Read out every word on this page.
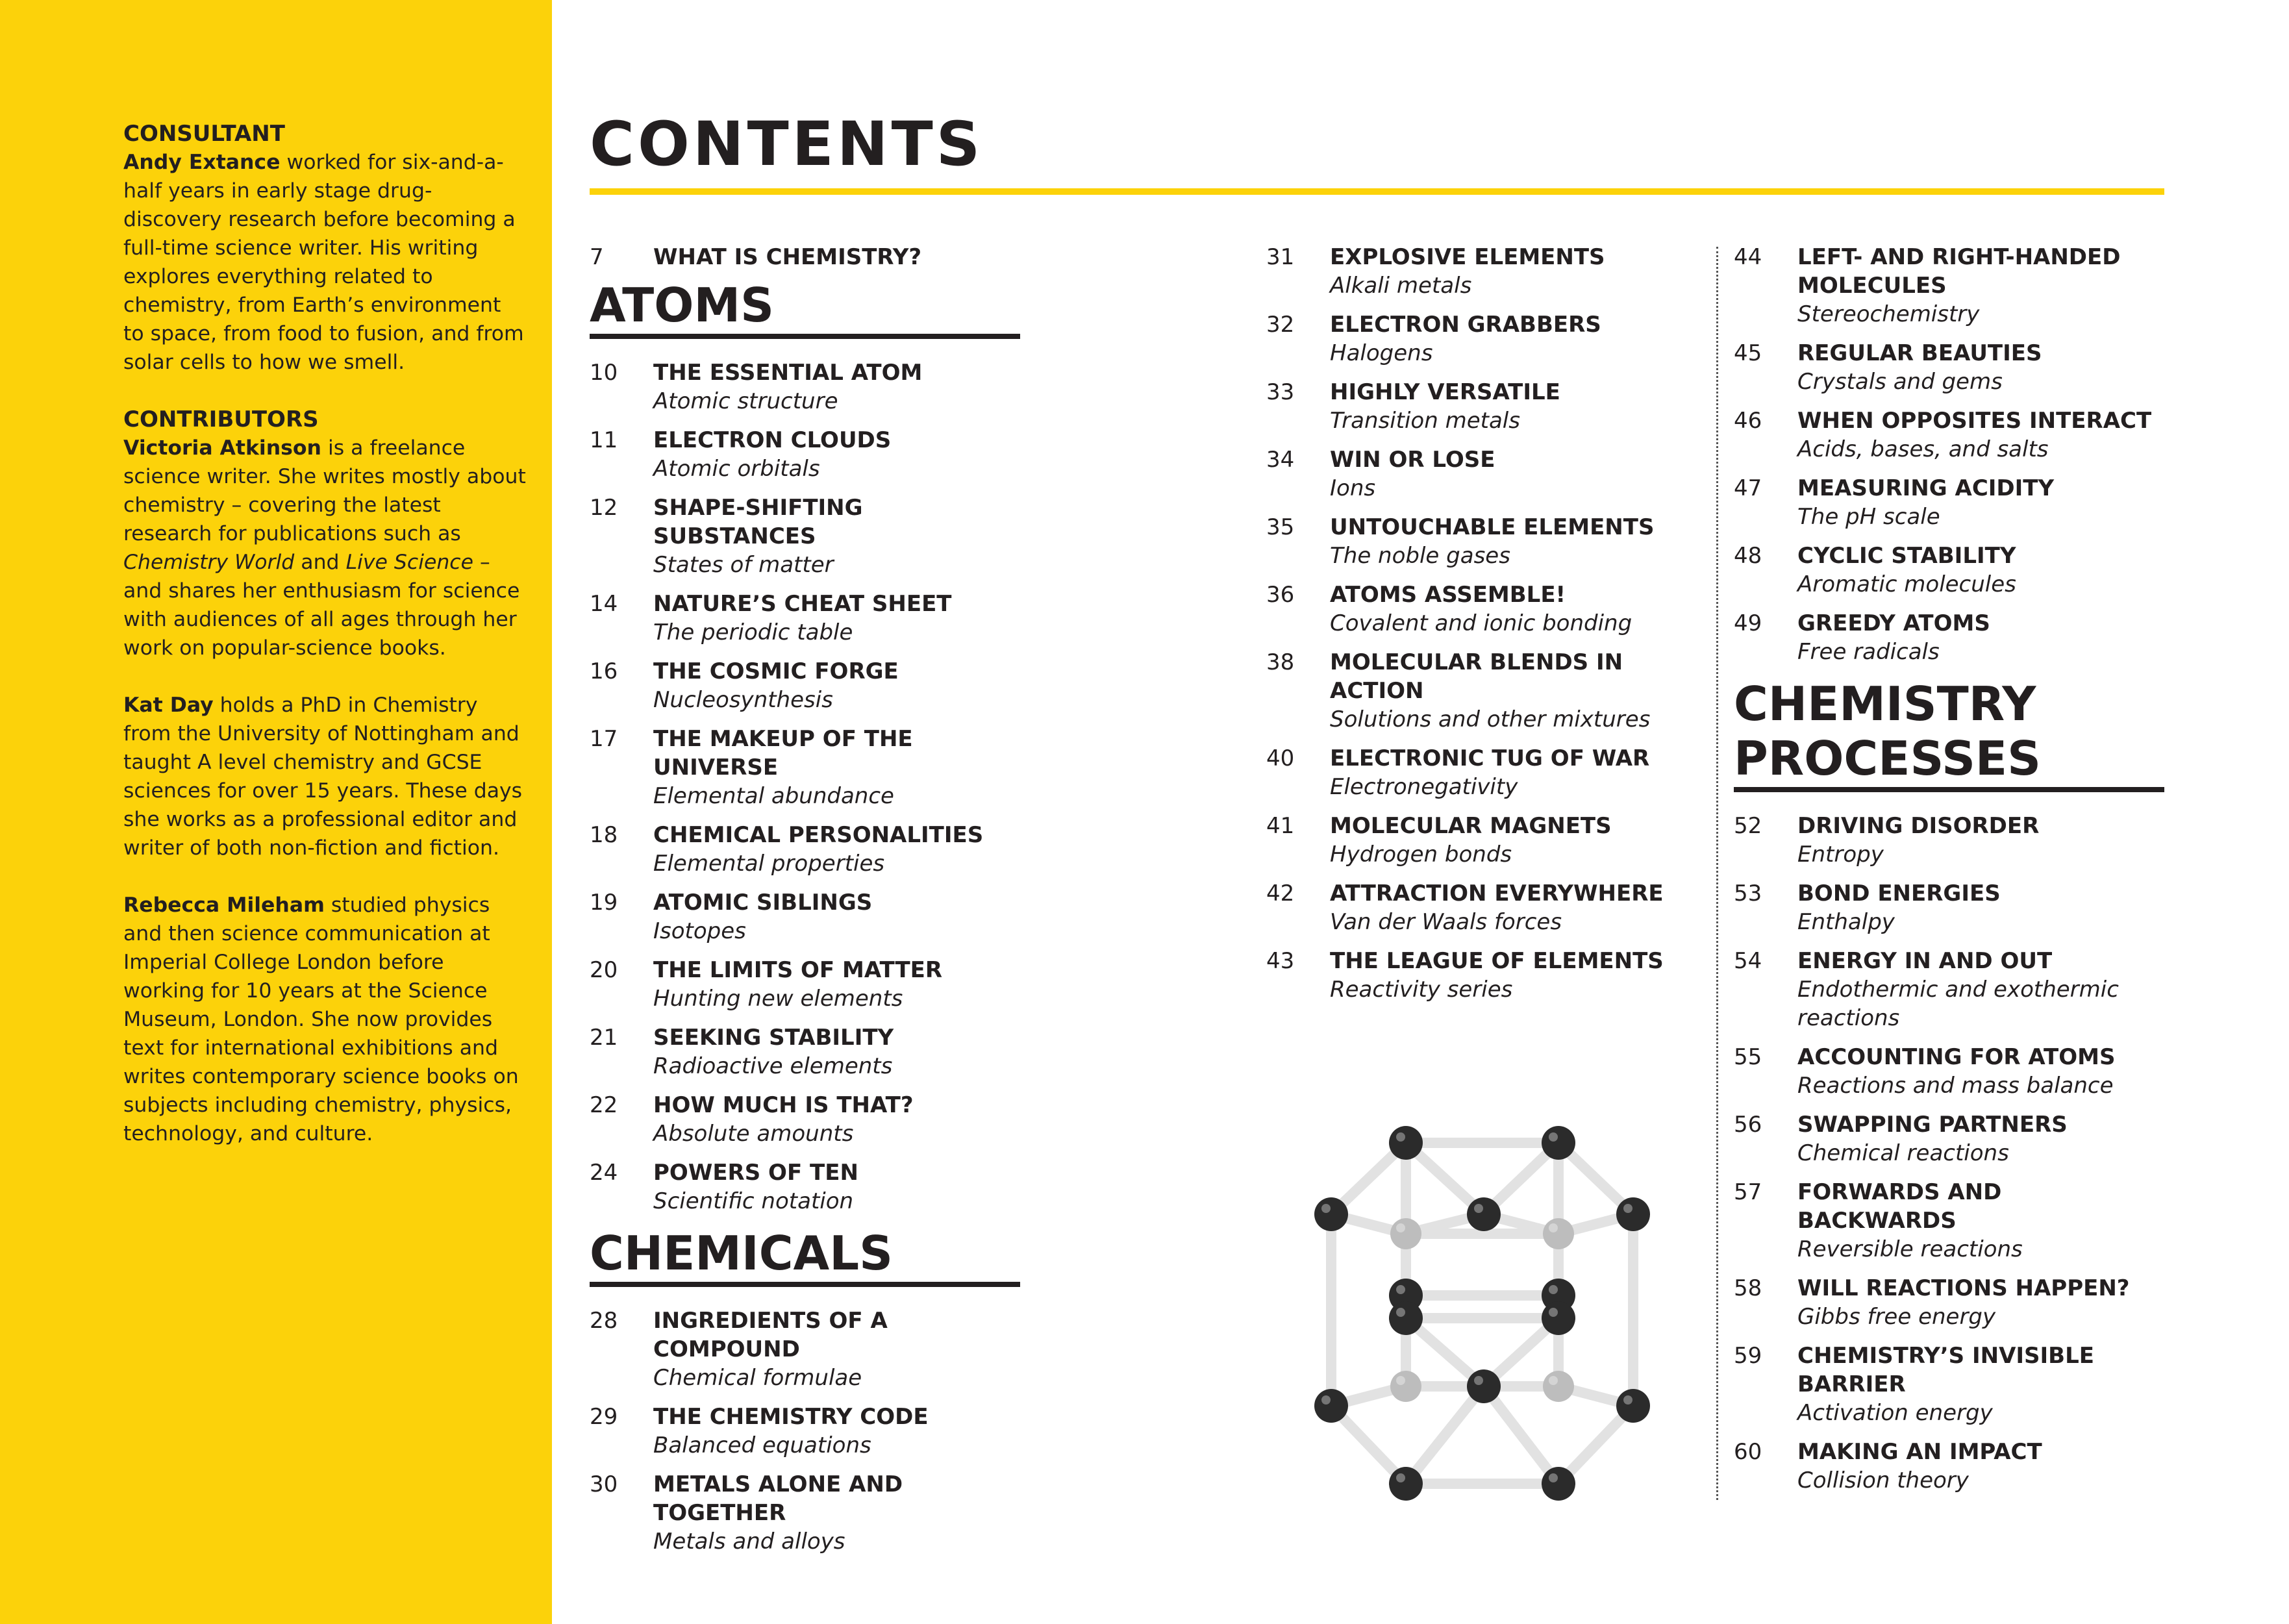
CONSULTANT
Andy Extance worked for six-and-a-half years in early stage drug-discovery research before becoming a full-time science writer. His writing explores everything related to chemistry, from Earth’s environment to space, from food to fusion, and from solar cells to how we smell.
CONTRIBUTORS
Victoria Atkinson is a freelance science writer. She writes mostly about chemistry – covering the latest research for publications such as Chemistry World and Live Science – and shares her enthusiasm for science with audiences of all ages through her work on popular-science books.
Kat Day holds a PhD in Chemistry from the University of Nottingham and taught A level chemistry and GCSE sciences for over 15 years. These days she works as a professional editor and writer of both non-fiction and fiction.
Rebecca Mileham studied physics and then science communication at Imperial College London before working for 10 years at the Science Museum, London. She now provides text for international exhibitions and writes contemporary science books on subjects including chemistry, physics, technology, and culture.
CONTENTS
7 WHAT IS CHEMISTRY?
ATOMS
10 THE ESSENTIAL ATOM
Atomic structure
11 ELECTRON CLOUDS
Atomic orbitals
12 SHAPE-SHIFTING SUBSTANCES
States of matter
14 NATURE’S CHEAT SHEET
The periodic table
16 THE COSMIC FORGE
Nucleosynthesis
17 THE MAKEUP OF THE UNIVERSE
Elemental abundance
18 CHEMICAL PERSONALITIES
Elemental properties
19 ATOMIC SIBLINGS
Isotopes
20 THE LIMITS OF MATTER
Hunting new elements
21 SEEKING STABILITY
Radioactive elements
22 HOW MUCH IS THAT?
Absolute amounts
24 POWERS OF TEN
Scientific notation
CHEMICALS
28 INGREDIENTS OF A COMPOUND
Chemical formulae
29 THE CHEMISTRY CODE
Balanced equations
30 METALS ALONE AND TOGETHER
Metals and alloys
31 EXPLOSIVE ELEMENTS
Alkali metals
32 ELECTRON GRABBERS
Halogens
33 HIGHLY VERSATILE
Transition metals
34 WIN OR LOSE
Ions
35 UNTOUCHABLE ELEMENTS
The noble gases
36 ATOMS ASSEMBLE!
Covalent and ionic bonding
38 MOLECULAR BLENDS IN ACTION
Solutions and other mixtures
40 ELECTRONIC TUG OF WAR
Electronegativity
41 MOLECULAR MAGNETS
Hydrogen bonds
42 ATTRACTION EVERYWHERE
Van der Waals forces
43 THE LEAGUE OF ELEMENTS
Reactivity series
44 LEFT- AND RIGHT-HANDED MOLECULES
Stereochemistry
45 REGULAR BEAUTIES
Crystals and gems
46 WHEN OPPOSITES INTERACT
Acids, bases, and salts
47 MEASURING ACIDITY
The pH scale
48 CYCLIC STABILITY
Aromatic molecules
49 GREEDY ATOMS
Free radicals
CHEMISTRY PROCESSES
52 DRIVING DISORDER
Entropy
53 BOND ENERGIES
Enthalpy
54 ENERGY IN AND OUT
Endothermic and exothermic reactions
55 ACCOUNTING FOR ATOMS
Reactions and mass balance
56 SWAPPING PARTNERS
Chemical reactions
57 FORWARDS AND BACKWARDS
Reversible reactions
58 WILL REACTIONS HAPPEN?
Gibbs free energy
59 CHEMISTRY’S INVISIBLE BARRIER
Activation energy
60 MAKING AN IMPACT
Collision theory
